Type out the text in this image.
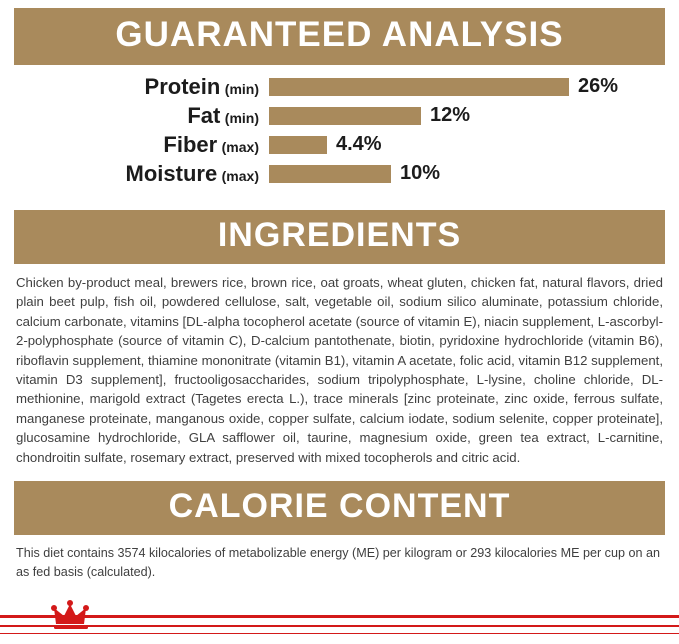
GUARANTEED ANALYSIS
Protein (min)	26%
Fat (min)	12%
Fiber (max)	4.4%
Moisture (max)	10%
INGREDIENTS
Chicken by-product meal, brewers rice, brown rice, oat groats, wheat gluten, chicken fat, natural flavors, dried plain beet pulp, fish oil, powdered cellulose, salt, vegetable oil, sodium silico aluminate, potassium chloride, calcium carbonate, vitamins [DL-alpha tocopherol acetate (source of vitamin E), niacin supplement, L-ascorbyl-2-polyphosphate (source of vitamin C), D-calcium pantothenate, biotin, pyridoxine hydrochloride (vitamin B6), riboflavin supplement, thiamine mononitrate (vitamin B1), vitamin A acetate, folic acid, vitamin B12 supplement, vitamin D3 supplement], fructooligosaccharides, sodium tripolyphosphate, L-lysine, choline chloride, DL-methionine, marigold extract (Tagetes erecta L.), trace minerals [zinc proteinate, zinc oxide, ferrous sulfate, manganese proteinate, manganous oxide, copper sulfate, calcium iodate, sodium selenite, copper proteinate], glucosamine hydrochloride, GLA safflower oil, taurine, magnesium oxide, green tea extract, L-carnitine, chondroitin sulfate, rosemary extract, preserved with mixed tocopherols and citric acid.
CALORIE CONTENT
This diet contains 3574 kilocalories of metabolizable energy (ME) per kilogram or 293 kilocalories ME per cup on an as fed basis (calculated).
